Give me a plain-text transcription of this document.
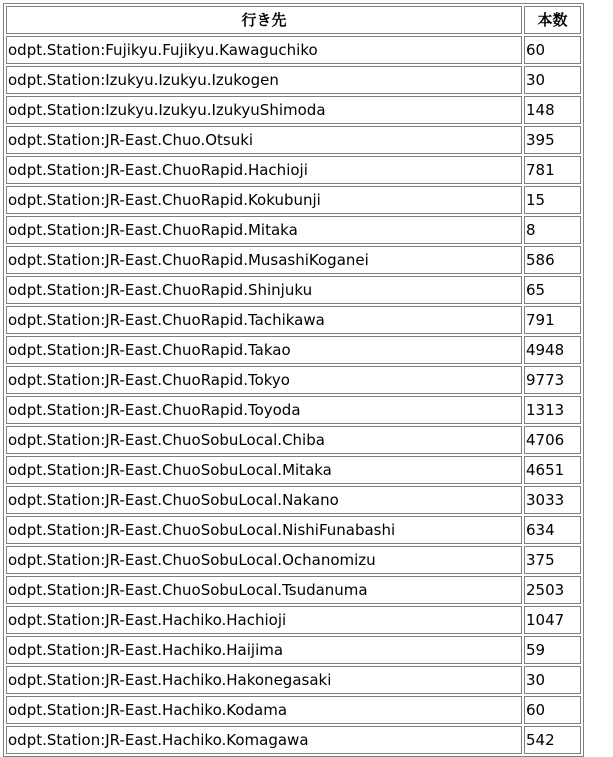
行き先	本数
odpt.Station:Fujikyu.Fujikyu.Kawaguchiko	60
odpt.Station:Izukyu.Izukyu.Izukogen	30
odpt.Station:Izukyu.Izukyu.IzukyuShimoda	148
odpt.Station:JR-East.Chuo.Otsuki	395
odpt.Station:JR-East.ChuoRapid.Hachioji	781
odpt.Station:JR-East.ChuoRapid.Kokubunji	15
odpt.Station:JR-East.ChuoRapid.Mitaka	8
odpt.Station:JR-East.ChuoRapid.MusashiKoganei	586
odpt.Station:JR-East.ChuoRapid.Shinjuku	65
odpt.Station:JR-East.ChuoRapid.Tachikawa	791
odpt.Station:JR-East.ChuoRapid.Takao	4948
odpt.Station:JR-East.ChuoRapid.Tokyo	9773
odpt.Station:JR-East.ChuoRapid.Toyoda	1313
odpt.Station:JR-East.ChuoSobuLocal.Chiba	4706
odpt.Station:JR-East.ChuoSobuLocal.Mitaka	4651
odpt.Station:JR-East.ChuoSobuLocal.Nakano	3033
odpt.Station:JR-East.ChuoSobuLocal.NishiFunabashi	634
odpt.Station:JR-East.ChuoSobuLocal.Ochanomizu	375
odpt.Station:JR-East.ChuoSobuLocal.Tsudanuma	2503
odpt.Station:JR-East.Hachiko.Hachioji	1047
odpt.Station:JR-East.Hachiko.Haijima	59
odpt.Station:JR-East.Hachiko.Hakonegasaki	30
odpt.Station:JR-East.Hachiko.Kodama	60
odpt.Station:JR-East.Hachiko.Komagawa	542
